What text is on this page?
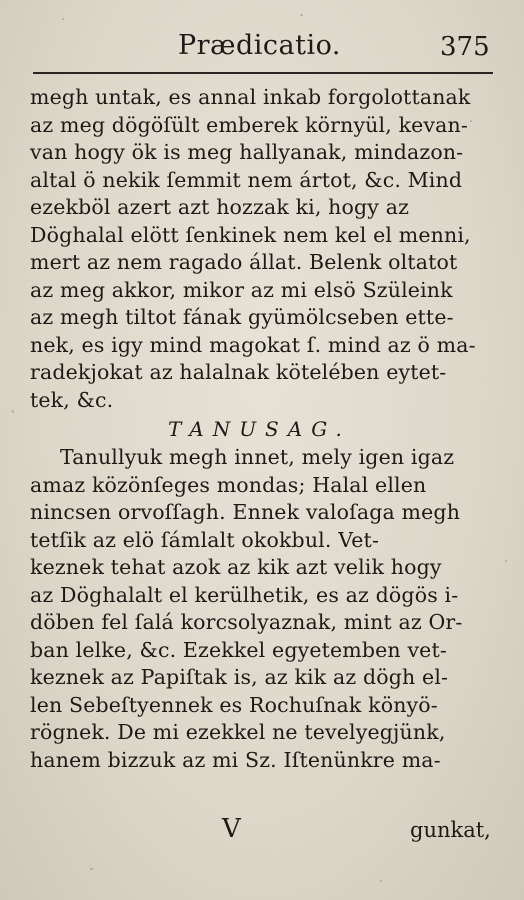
Prædicatio.	375
megh untak, es annal inkab forgolottanak
az meg dögöſült emberek környül, kevan-
van hogy ök is meg hallyanak, mindazon-
altal ö nekik ſemmit nem ártot, &c. Mind
ezekböl azert azt hozzak ki, hogy az
Döghalal elött ſenkinek nem kel el menni,
mert az nem ragado állat. Belenk oltatot
az meg akkor, mikor az mi elsö Szüleink
az megh tiltot fának gyümölcseben ette-
nek, es igy mind magokat ſ. mind az ö ma-
radekjokat az halalnak kötelében eytet-
tek, &c.
TANUSAG.
Tanullyuk megh innet, mely igen igaz
amaz közönſeges mondas; Halal ellen
nincsen orvoſſagh. Ennek valoſaga megh
tetſik az elö ſámlalt okokbul. Vet-
keznek tehat azok az kik azt velik hogy
az Döghalalt el kerülhetik, es az dögös i-
döben fel ſalá korcsolyaznak, mint az Or-
ban lelke, &c. Ezekkel egyetemben vet-
keznek az Papiſtak is, az kik az dögh el-
len Sebeſtyennek es Rochuſnak könyö-
rögnek. De mi ezekkel ne tevelyegjünk,
hanem bizzuk az mi Sz. Iſtenünkre ma-
V	gunkat,
